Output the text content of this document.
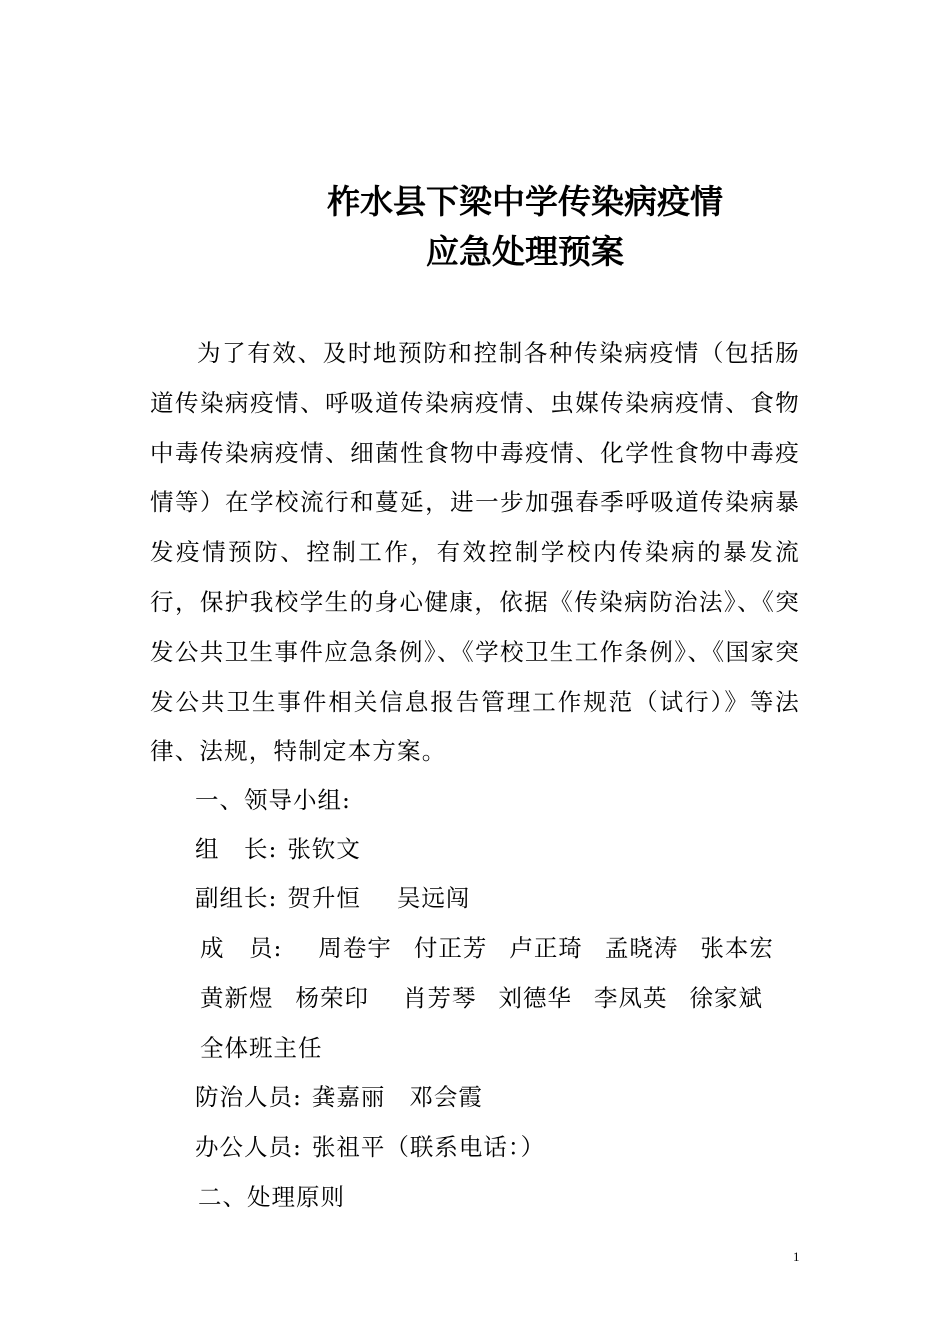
柞水县下梁中学传染病疫情
应急处理预案

为了有效、及时地预防和控制各种传染病疫情（包括肠道传染病疫情、呼吸道传染病疫情、虫媒传染病疫情、食物中毒传染病疫情、细菌性食物中毒疫情、化学性食物中毒疫情等）在学校流行和蔓延，进一步加强春季呼吸道传染病暴发疫情预防、控制工作，有效控制学校内传染病的暴发流行，保护我校学生的身心健康，依据《传染病防治法》、《突发公共卫生事件应急条例》、《学校卫生工作条例》、《国家突发公共卫生事件相关信息报告管理工作规范（试行）》等法律、法规，特制定本方案。

一、领导小组:
组　长: 张钦文
副组长: 贺升恒 吴远闯
成　员: 周卷宇 付正芳 卢正琦 孟晓涛 张本宏
黄新煜 杨荣印 肖芳琴 刘德华 李凤英 徐家斌
全体班主任
防治人员: 龚嘉丽 邓会霞
办公人员: 张祖平（联系电话：）
二、处理原则
1
